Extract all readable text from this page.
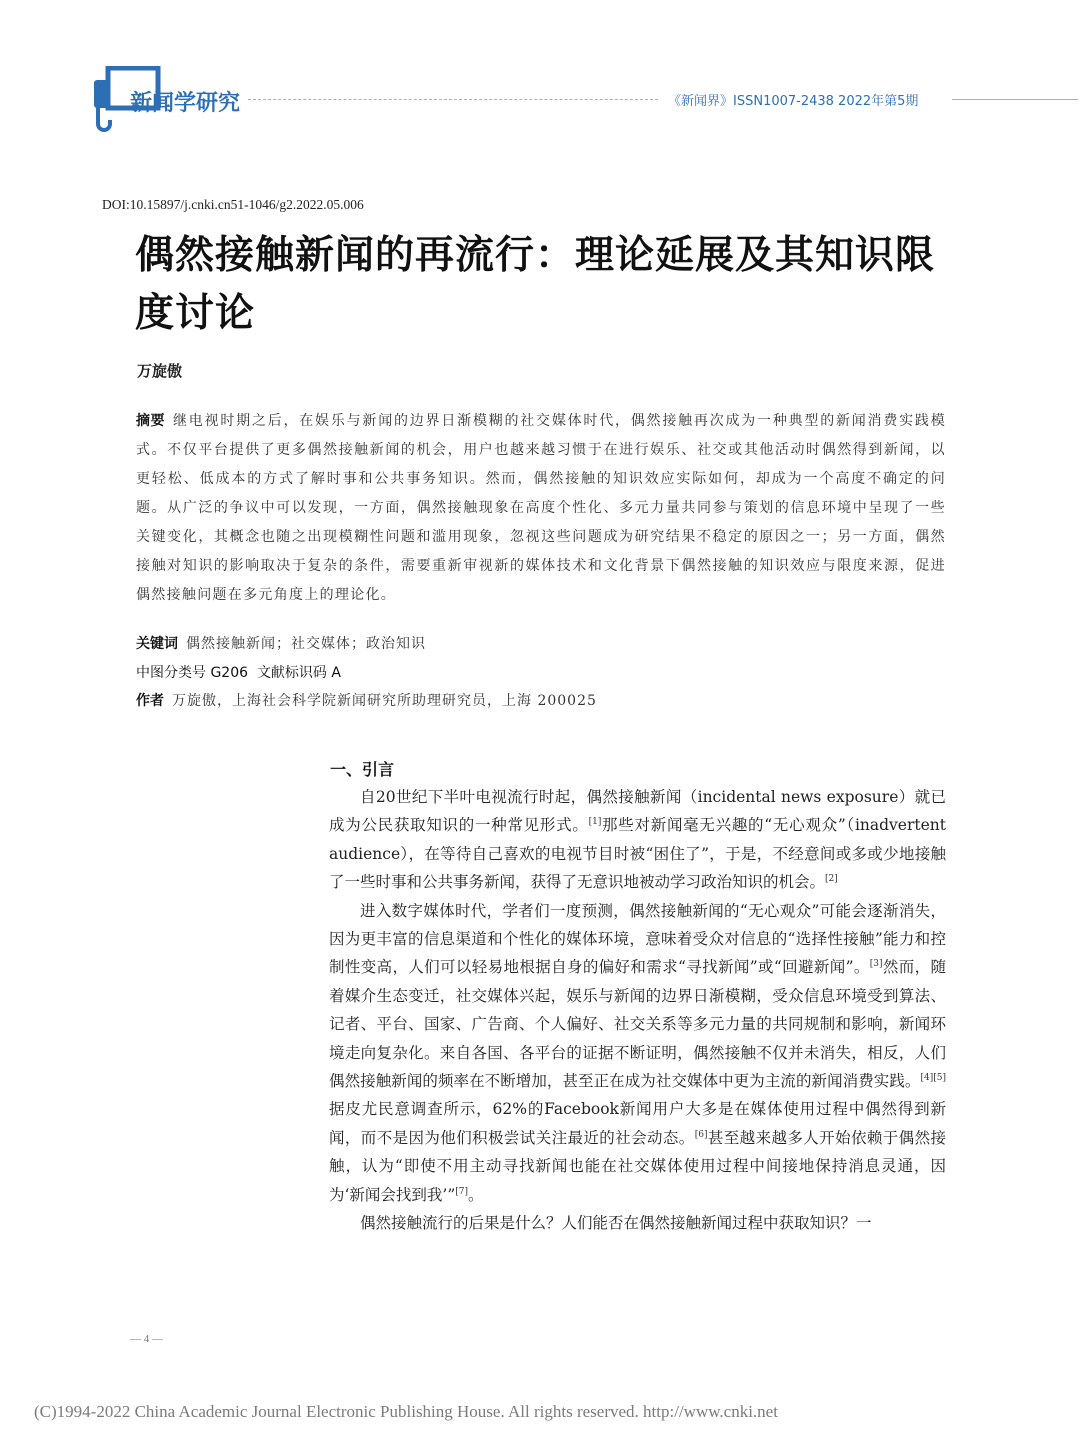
新闻学研究	《新闻界》ISSN1007-2438 2022年第5期
DOI:10.15897/j.cnki.cn51-1046/g2.2022.05.006
偶然接触新闻的再流行：理论延展及其知识限度讨论
万旋傲
摘要 继电视时期之后，在娱乐与新闻的边界日渐模糊的社交媒体时代，偶然接触再次成为一种典型的新闻消费实践模式。不仅平台提供了更多偶然接触新闻的机会，用户也越来越习惯于在进行娱乐、社交或其他活动时偶然得到新闻，以更轻松、低成本的方式了解时事和公共事务知识。然而，偶然接触的知识效应实际如何，却成为一个高度不确定的问题。从广泛的争议中可以发现，一方面，偶然接触现象在高度个性化、多元力量共同参与策划的信息环境中呈现了一些关键变化，其概念也随之出现模糊性问题和滥用现象，忽视这些问题成为研究结果不稳定的原因之一；另一方面，偶然接触对知识的影响取决于复杂的条件，需要重新审视新的媒体技术和文化背景下偶然接触的知识效应与限度来源，促进偶然接触问题在多元角度上的理论化。
关键词 偶然接触新闻；社交媒体；政治知识
中图分类号 G206 文献标识码 A
作者 万旋傲，上海社会科学院新闻研究所助理研究员，上海 200025
一、引言

自20世纪下半叶电视流行时起，偶然接触新闻（incidental news exposure）就已成为公民获取知识的一种常见形式。[1]那些对新闻毫无兴趣的“无心观众”（inadvertent audience），在等待自己喜欢的电视节目时被“困住了”，于是，不经意间或多或少地接触了一些时事和公共事务新闻，获得了无意识地被动学习政治知识的机会。[2]

进入数字媒体时代，学者们一度预测，偶然接触新闻的“无心观众”可能会逐渐消失，因为更丰富的信息渠道和个性化的媒体环境，意味着受众对信息的“选择性接触”能力和控制性变高，人们可以轻易地根据自身的偏好和需求“寻找新闻”或“回避新闻”。[3]然而，随着媒介生态变迁，社交媒体兴起，娱乐与新闻的边界日渐模糊，受众信息环境受到算法、记者、平台、国家、广告商、个人偏好、社交关系等多元力量的共同规制和影响，新闻环境走向复杂化。来自各国、各平台的证据不断证明，偶然接触不仅并未消失，相反，人们偶然接触新闻的频率在不断增加，甚至正在成为社交媒体中更为主流的新闻消费实践。[4][5]据皮尤民意调查所示，62%的Facebook新闻用户大多是在媒体使用过程中偶然得到新闻，而不是因为他们积极尝试关注最近的社会动态。[6]甚至越来越多人开始依赖于偶然接触，认为“即使不用主动寻找新闻也能在社交媒体使用过程中间接地保持消息灵通，因为‘新闻会找到我’”[7]。

偶然接触流行的后果是什么？人们能否在偶然接触新闻过程中获取知识？一

— 4 —
(C)1994-2022 China Academic Journal Electronic Publishing House. All rights reserved. http://www.cnki.net
